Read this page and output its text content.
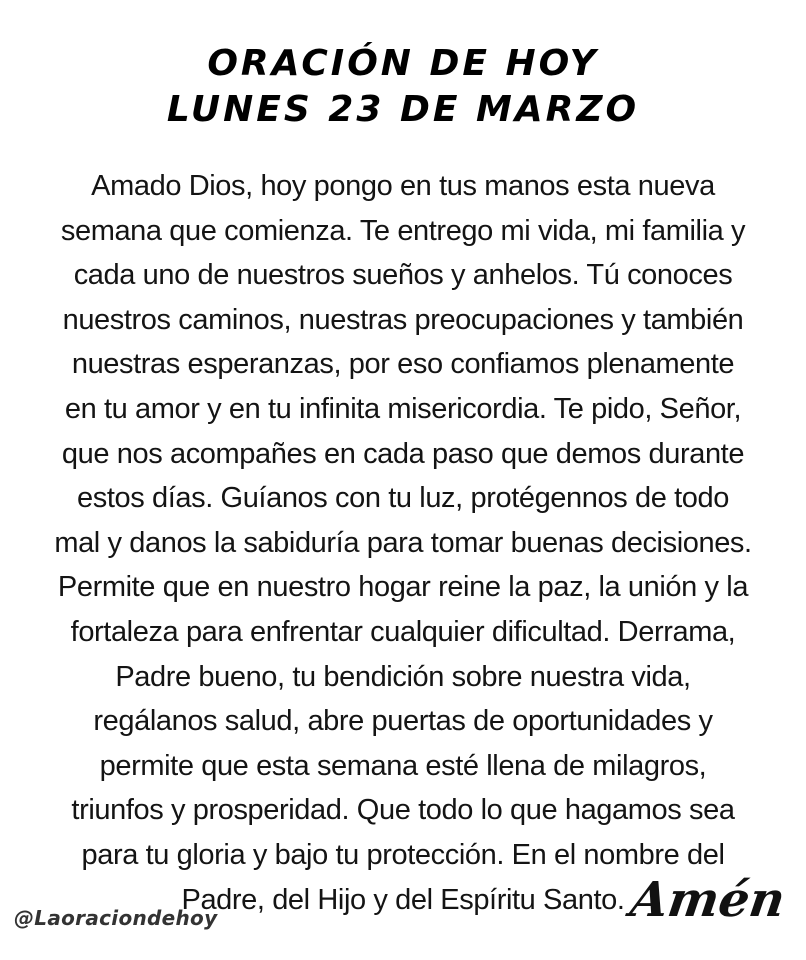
ORACIÓN DE HOY
LUNES 23 DE MARZO
Amado Dios, hoy pongo en tus manos esta nueva
semana que comienza. Te entrego mi vida, mi familia y
cada uno de nuestros sueños y anhelos. Tú conoces
nuestros caminos, nuestras preocupaciones y también
nuestras esperanzas, por eso confiamos plenamente
en tu amor y en tu infinita misericordia. Te pido, Señor,
que nos acompañes en cada paso que demos durante
estos días. Guíanos con tu luz, protégennos de todo
mal y danos la sabiduría para tomar buenas decisiones.
Permite que en nuestro hogar reine la paz, la unión y la
fortaleza para enfrentar cualquier dificultad. Derrama,
Padre bueno, tu bendición sobre nuestra vida,
regálanos salud, abre puertas de oportunidades y
permite que esta semana esté llena de milagros,
triunfos y prosperidad. Que todo lo que hagamos sea
para tu gloria y bajo tu protección. En el nombre del
Padre, del Hijo y del Espíritu Santo.
@Laoraciondehoy	Amén
